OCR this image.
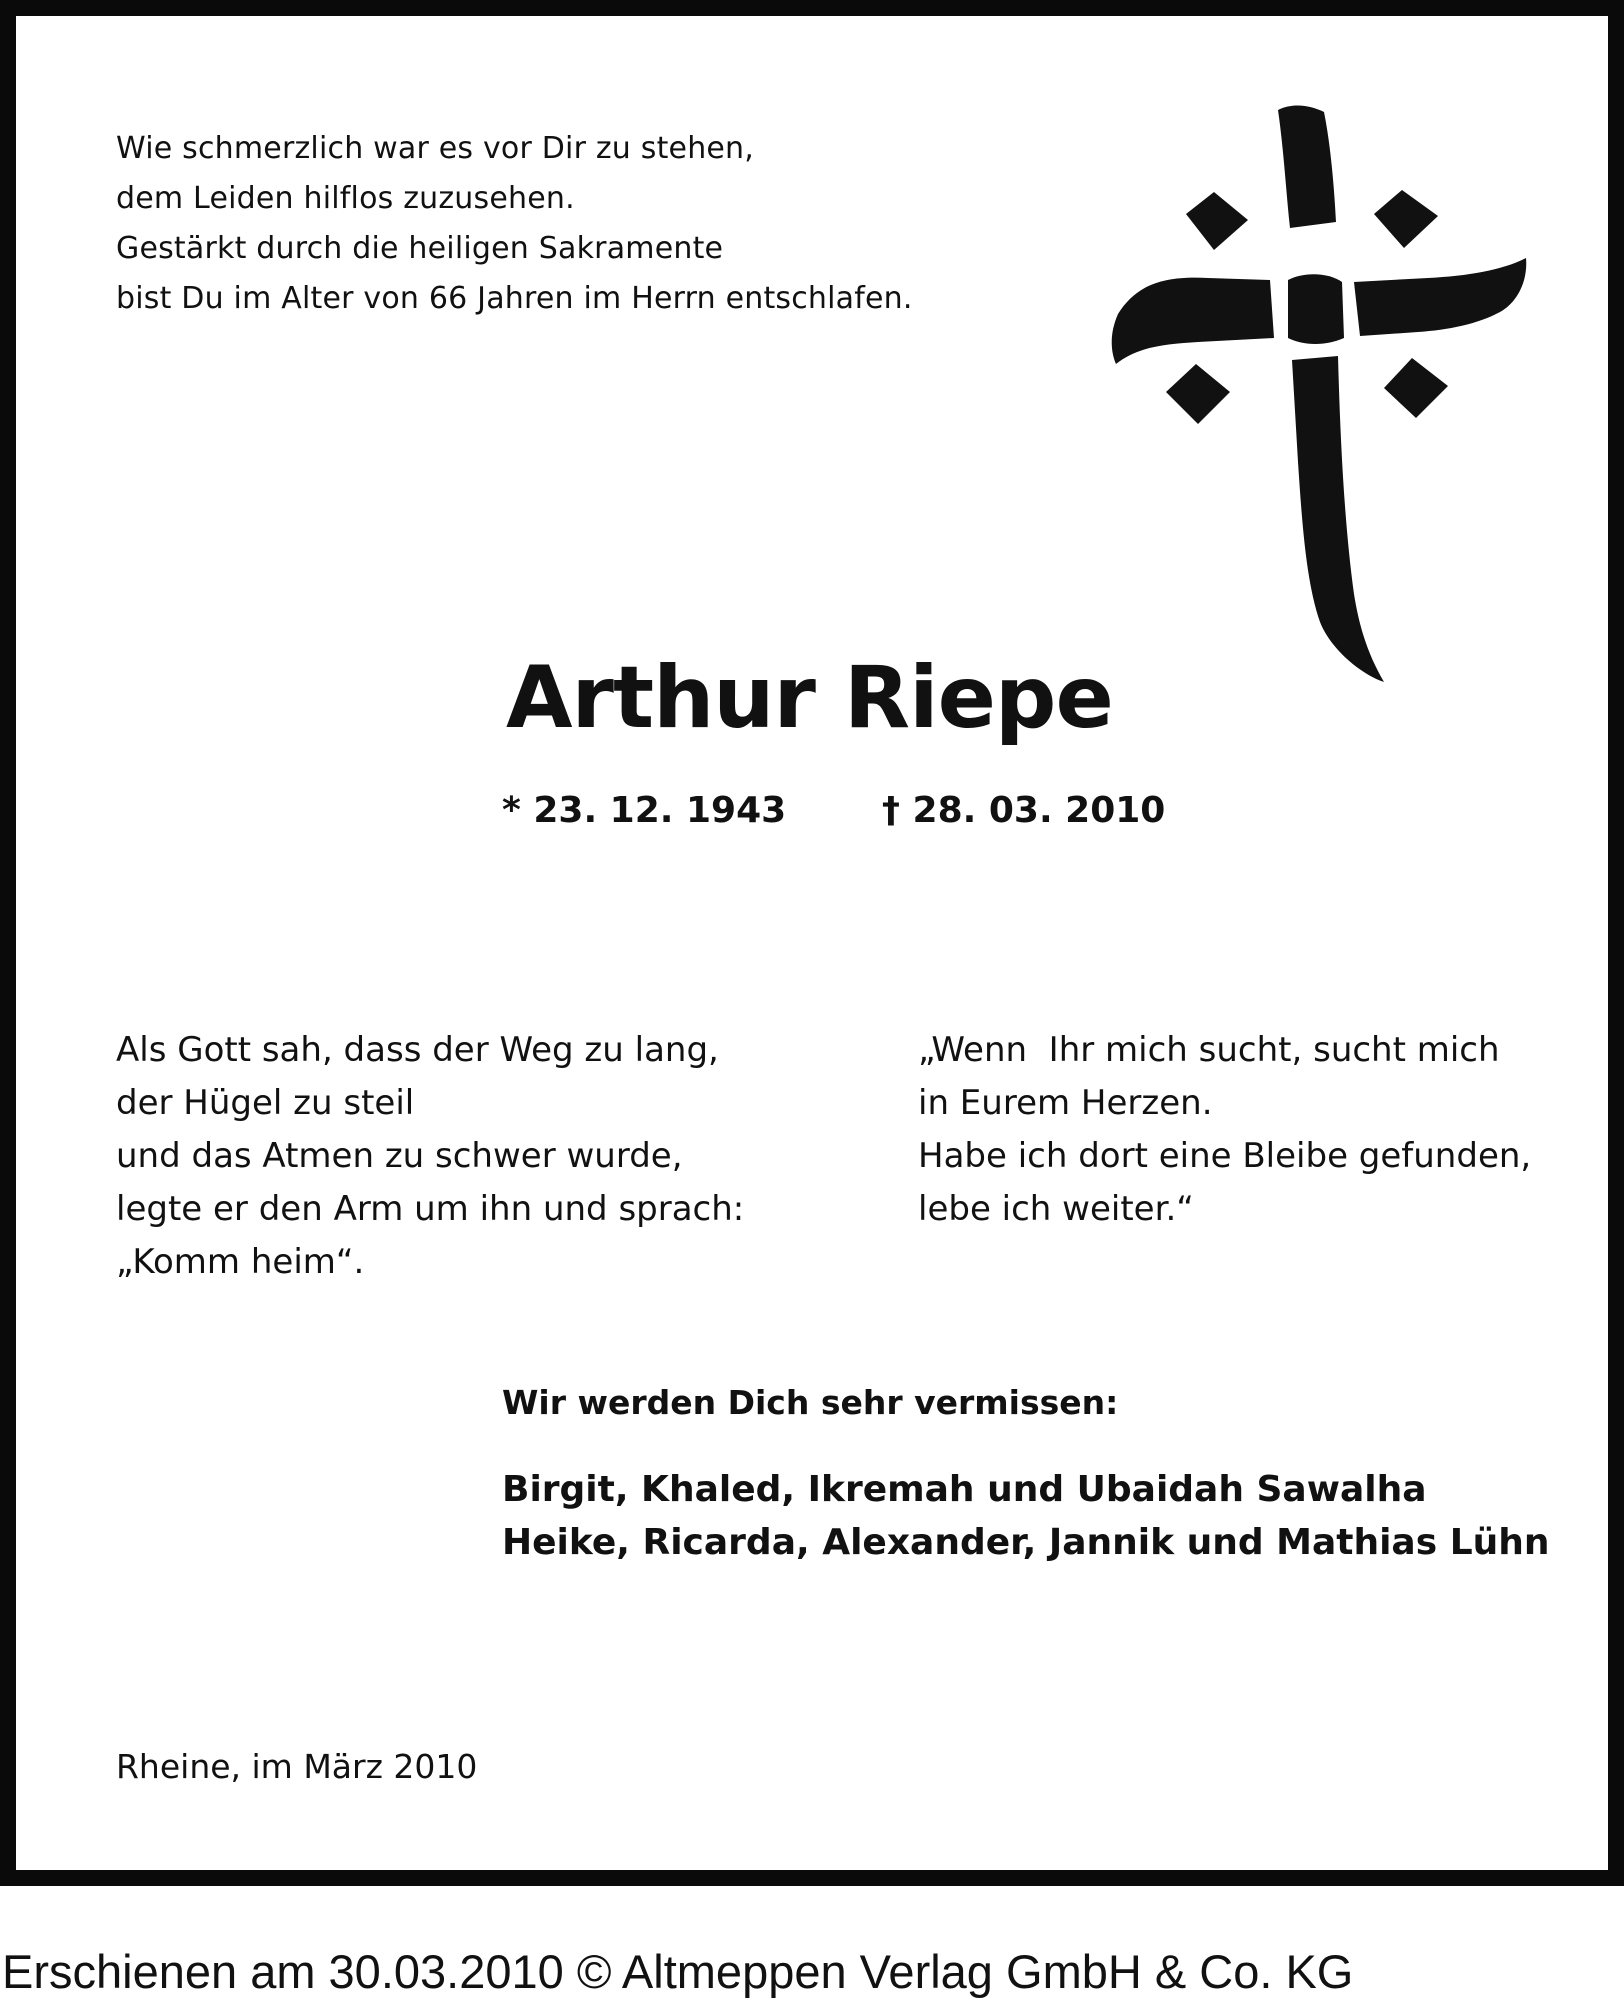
Wie schmerzlich war es vor Dir zu stehen,
dem Leiden hilflos zuzusehen.
Gestärkt durch die heiligen Sakramente
bist Du im Alter von 66 Jahren im Herrn entschlafen.
Arthur Riepe
* 23. 12. 1943	† 28. 03. 2010
Als Gott sah, dass der Weg zu lang,
der Hügel zu steil
und das Atmen zu schwer wurde,
legte er den Arm um ihn und sprach:
„Komm heim“.
„Wenn  Ihr mich sucht, sucht mich
in Eurem Herzen.
Habe ich dort eine Bleibe gefunden,
lebe ich weiter.“
Wir werden Dich sehr vermissen:
Birgit, Khaled, Ikremah und Ubaidah Sawalha
Heike, Ricarda, Alexander, Jannik und Mathias Lühn
Rheine, im März 2010
Erschienen am 30.03.2010 © Altmeppen Verlag GmbH & Co. KG
